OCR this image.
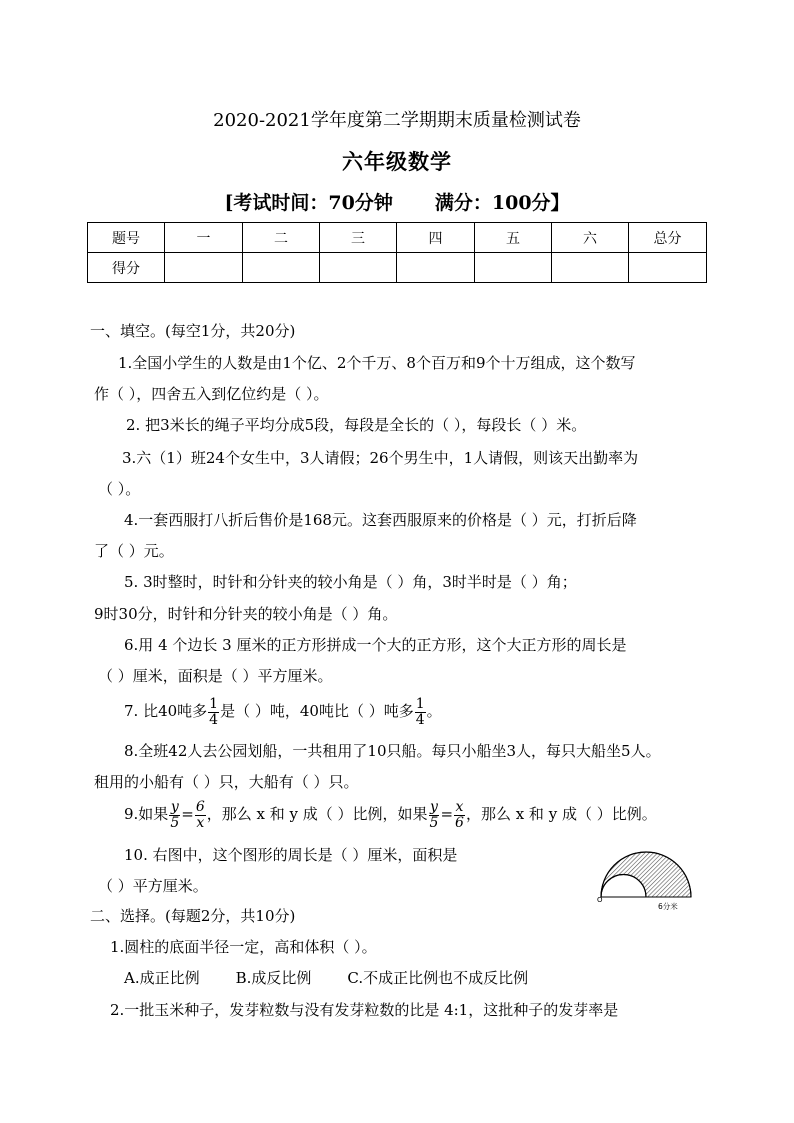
2020-2021学年度第二学期期末质量检测试卷
六年级数学
[考试时间：70分钟 满分：100分】
题号	一	二	三	四	五	六	总分
得分							
一、填空。(每空1分，共20分)
1.全国小学生的人数是由1个亿、2个千万、8个百万和9个十万组成，这个数写
作（ ），四舍五入到亿位约是（ ）。
2. 把3米长的绳子平均分成5段，每段是全长的（ ），每段长（ ）米。
3.六（1）班24个女生中，3人请假；26个男生中，1人请假，则该天出勤率为
（ ）。
4.一套西服打八折后售价是168元。这套西服原来的价格是（ ）元，打折后降
了（ ）元。
5. 3时整时，时针和分针夹的较小角是（ ）角，3时半时是（ ）角；
9时30分，时针和分针夹的较小角是（ ）角。
6.用 4 个边长 3 厘米的正方形拼成一个大的正方形，这个大正方形的周长是
（ ）厘米，面积是（ ）平方厘米。
7. 比40吨多 $\frac{1}{4}$ 是（ ）吨，40吨比（ ）吨多 $\frac{1}{4}$ 。
8.全班42人去公园划船，一共租用了10只船。每只小船坐3人，每只大船坐5人。
租用的小船有（ ）只，大船有（ ）只。
9.如果 $\frac{y}{5} = \frac{6}{x}$ ，那么 x 和 y 成（ ）比例，如果 $\frac{y}{5} = \frac{x}{6}$ ，那么 x 和 y 成（ ）比例。
10. 右图中，这个图形的周长是（ ）厘米，面积是
（ ）平方厘米。
O
6分米
二、选择。(每题2分，共10分)
1.圆柱的底面半径一定，高和体积（ ）。
A.成正比例 B.成反比例 C.不成正比例也不成反比例
2.一批玉米种子，发芽粒数与没有发芽粒数的比是 4:1，这批种子的发芽率是
